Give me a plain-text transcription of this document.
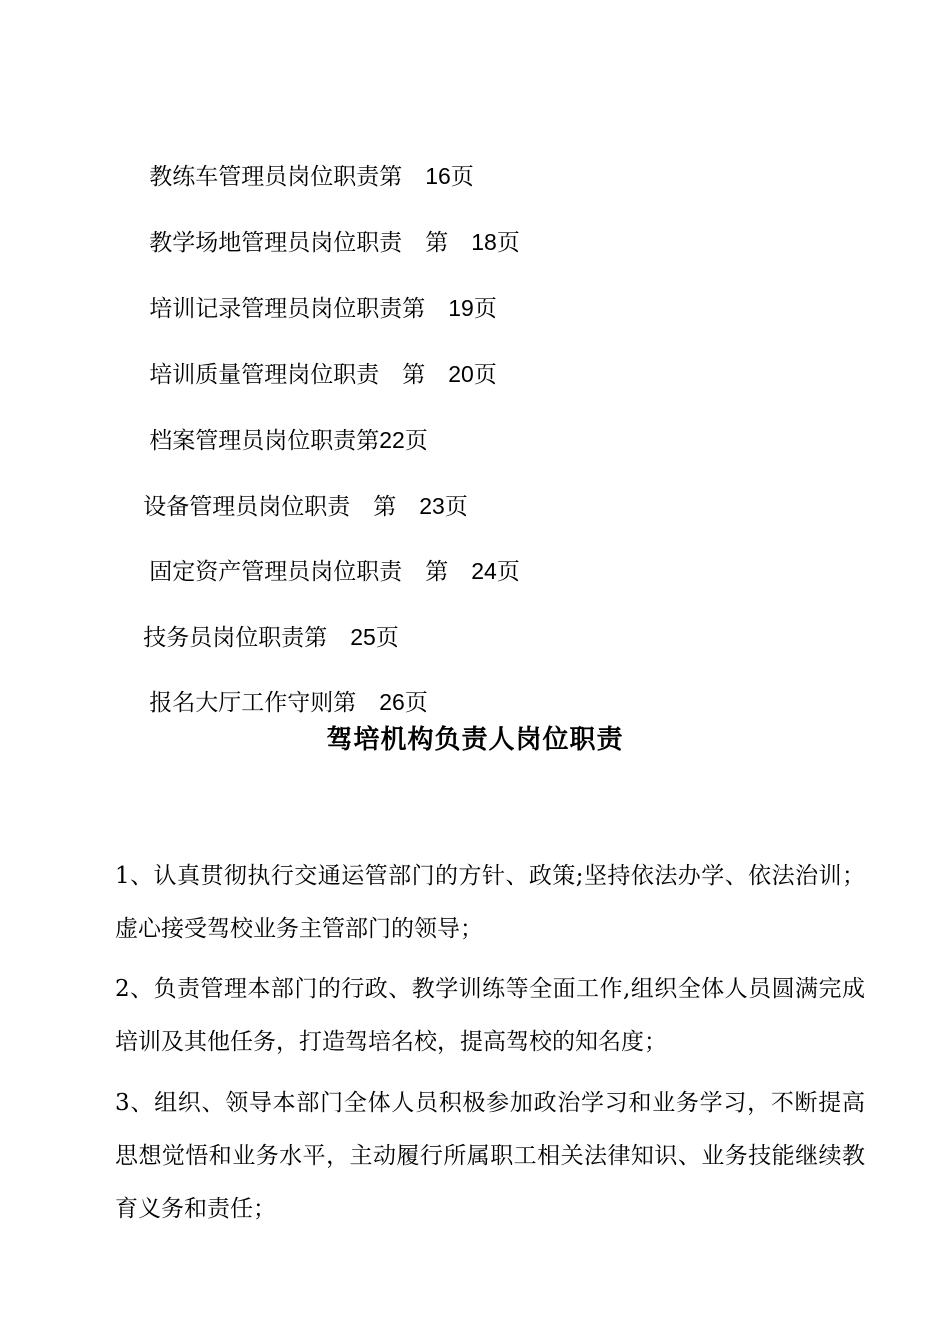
教练车管理员岗位职责第　 16页

教学场地管理员岗位职责　 第　18页

培训记录管理员岗位职责第　 19页

培训质量管理岗位职责　 第　20页

档案管理员岗位职责第22页

设备管理员岗位职责　 第　23页

固定资产管理员岗位职责　 第　24页

技务员岗位职责第　 25页

报名大厅工作守则第　 26页

驾培机构负责人岗位职责
1、认真贯彻执行交通运管部门的方针、政策;坚持依法办学、依法治训；虚心接受驾校业务主管部门的领导；
2、负责管理本部门的行政、教学训练等全面工作,组织全体人员圆满完成培训及其他任务，打造驾培名校，提高驾校的知名度；
3、组织、领导本部门全体人员积极参加政治学习和业务学习，不断提高思想觉悟和业务水平，主动履行所属职工相关法律知识、业务技能继续教育义务和责任；
